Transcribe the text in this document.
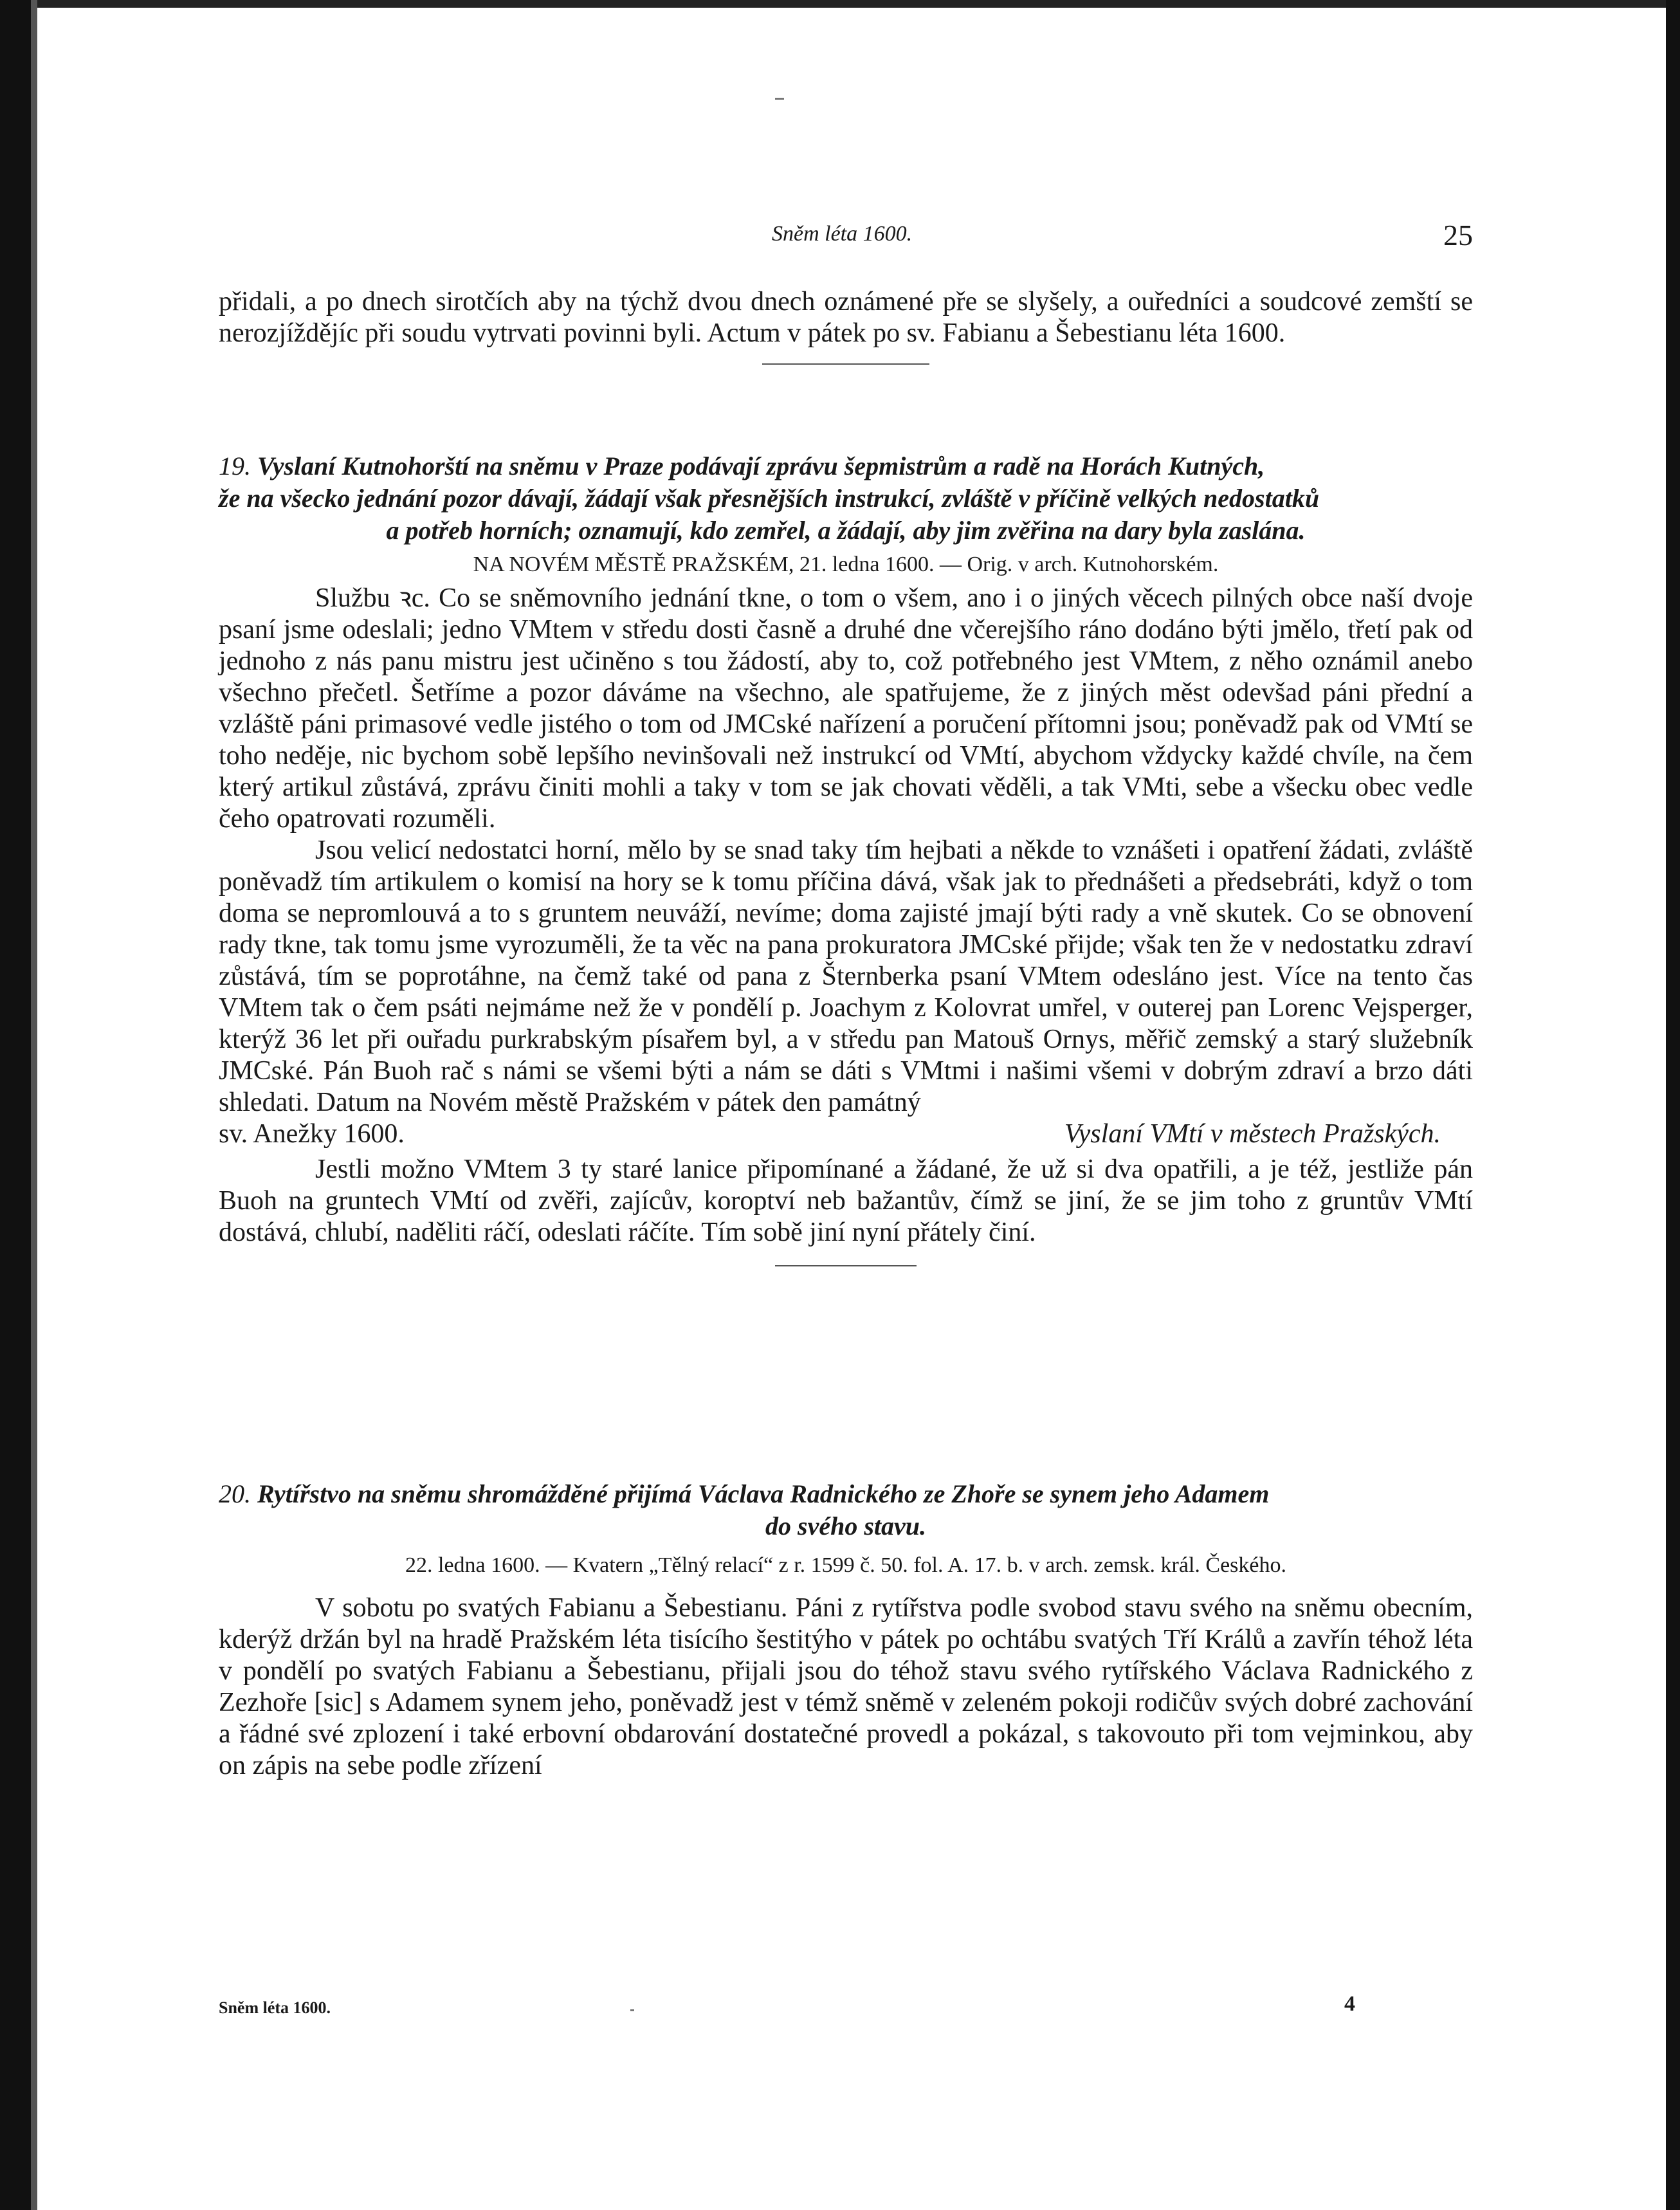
Sněm léta 1600.	25

přidali, a po dnech sirotčích aby na týchž dvou dnech oznámené pře se slyšely, a ouředníci a soudcové zemští se nerozjíždějíc při soudu vytrvati povinni byli. Actum v pátek po sv. Fabianu a Šebestianu léta 1600.

19. Vyslaní Kutnohorští na sněmu v Praze podávají zprávu šepmistrům a radě na Horách Kutných,
že na všecko jednání pozor dávají, žádají však přesnějších instrukcí, zvláště v příčině velkých nedostatků
a potřeb horních; oznamují, kdo zemřel, a žádají, aby jim zvěřina na dary byla zaslána.
NA NOVÉM MĚSTĚ PRAŽSKÉM, 21. ledna 1600. — Orig. v arch. Kutnohorském.

Službu ꝛc. Co se sněmovního jednání tkne, o tom o všem, ano i o jiných věcech pilných obce naší dvoje psaní jsme odeslali; jedno VMtem v středu dosti časně a druhé dne včerejšího ráno dodáno býti jmělo, třetí pak od jednoho z nás panu mistru jest učiněno s tou žádostí, aby to, což potřebného jest VMtem, z něho oznámil anebo všechno přečetl. Šetříme a pozor dáváme na všechno, ale spatřujeme, že z jiných měst odevšad páni přední a vzláště páni primasové vedle jistého o tom od JMCské nařízení a poručení přítomni jsou; poněvadž pak od VMtí se toho neděje, nic bychom sobě lepšího nevinšovali než instrukcí od VMtí, abychom vždycky každé chvíle, na čem který artikul zůstává, zprávu činiti mohli a taky v tom se jak chovati věděli, a tak VMti, sebe a všecku obec vedle čeho opatrovati rozuměli.

Jsou velicí nedostatci horní, mělo by se snad taky tím hejbati a někde to vznášeti i opatření žádati, zvláště poněvadž tím artikulem o komisí na hory se k tomu příčina dává, však jak to přednášeti a předsebráti, když o tom doma se nepromlouvá a to s gruntem neuváží, nevíme; doma zajisté jmají býti rady a vně skutek. Co se obnovení rady tkne, tak tomu jsme vyrozuměli, že ta věc na pana prokuratora JMCské přijde; však ten že v nedostatku zdraví zůstává, tím se poprotáhne, na čemž také od pana z Šternberka psaní VMtem odesláno jest. Více na tento čas VMtem tak o čem psáti nejmáme než že v pondělí p. Joachym z Kolovrat umřel, v outerej pan Lorenc Vejsperger, kterýž 36 let při ouřadu purkrabským písařem byl, a v středu pan Matouš Ornys, měřič zemský a starý služebník JMCské. Pán Buoh rač s námi se všemi býti a nám se dáti s VMtmi i našimi všemi v dobrým zdraví a brzo dáti shledati. Datum na Novém městě Pražském v pátek den památný

sv. Anežky 1600.	Vyslaní VMtí v městech Pražských.

Jestli možno VMtem 3 ty staré lanice připomínané a žádané, že už si dva opatřili, a je též, jestliže pán Buoh na gruntech VMtí od zvěři, zajícův, koroptví neb bažantův, čímž se jiní, že se jim toho z gruntův VMtí dostává, chlubí, naděliti ráčí, odeslati ráčíte. Tím sobě jiní nyní přátely činí.

20. Rytířstvo na sněmu shromážděné přijímá Václava Radnického ze Zhoře se synem jeho Adamem
do svého stavu.
22. ledna 1600. — Kvatern „Tělný relací“ z r. 1599 č. 50. fol. A. 17. b. v arch. zemsk. král. Českého.

V sobotu po svatých Fabianu a Šebestianu. Páni z rytířstva podle svobod stavu svého na sněmu obecním, kderýž držán byl na hradě Pražském léta tisícího šestitýho v pátek po ochtábu svatých Tří Králů a zavřín téhož léta v pondělí po svatých Fabianu a Šebestianu, přijali jsou do téhož stavu svého rytířského Václava Radnického z Zezhoře [sic] s Adamem synem jeho, poněvadž jest v témž sněmě v zeleném pokoji rodičův svých dobré zachování a řádné své zplození i také erbovní obdarování dostatečné provedl a pokázal, s takovouto při tom vejminkou, aby on zápis na sebe podle zřízení

Sněm léta 1600.	4
